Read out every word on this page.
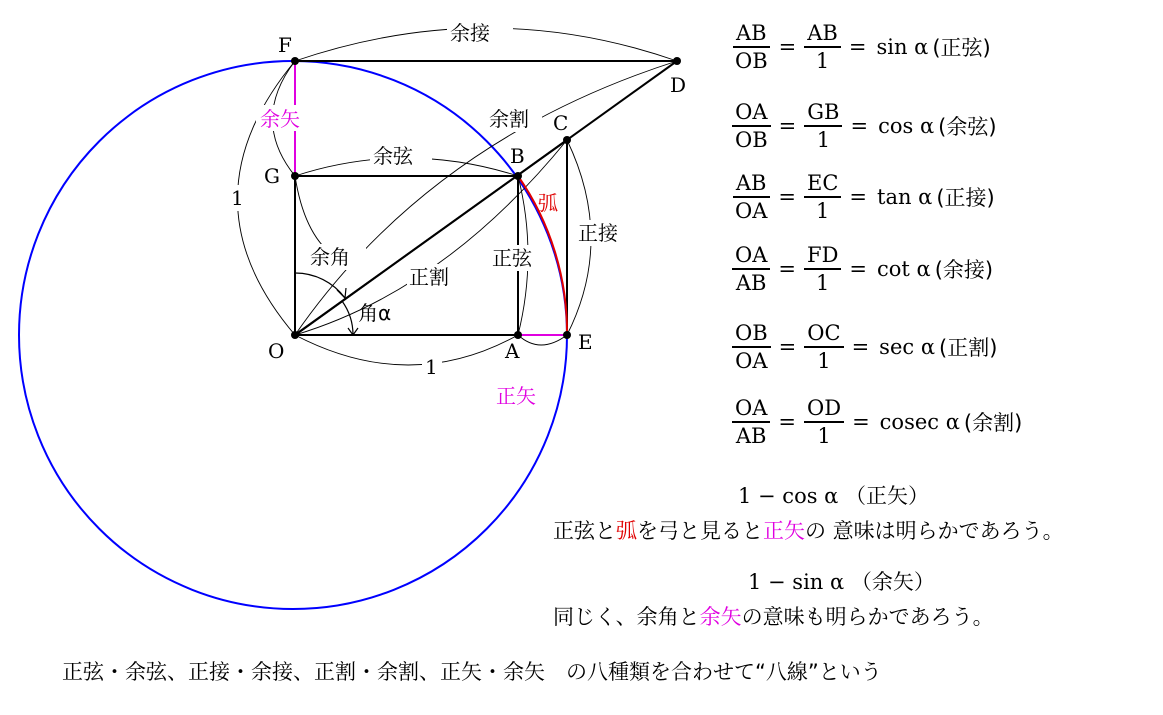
F
D
C
B
G
O	A	E
余接
余割
余矢
余弦
1	弧
正接
余角	正弦
正割
角α
1
正矢
$\frac{AB}{OB} = \frac{AB}{1} = \sin \alpha$ (正弦)
$\frac{OA}{OB} = \frac{GB}{1} = \cos \alpha$ (余弦)
$\frac{AB}{OA} = \frac{EC}{1} = \tan \alpha$ (正接)
$\frac{OA}{AB} = \frac{FD}{1} = \cot \alpha$ (余接)
$\frac{OB}{OA} = \frac{OC}{1} = \sec \alpha$ (正割)
$\frac{OA}{AB} = \frac{OD}{1} = cosec$ α (余割)
1 − cos α （正矢）
正弦と弧を弓と見ると正矢の 意味は明らかであろう。
1 − sin α （余矢）
同じく、余角と余矢の意味も明らかであろう。
正弦・余弦、正接・余接、正割・余割、正矢・余矢　の八種類を合わせて“八線”という
